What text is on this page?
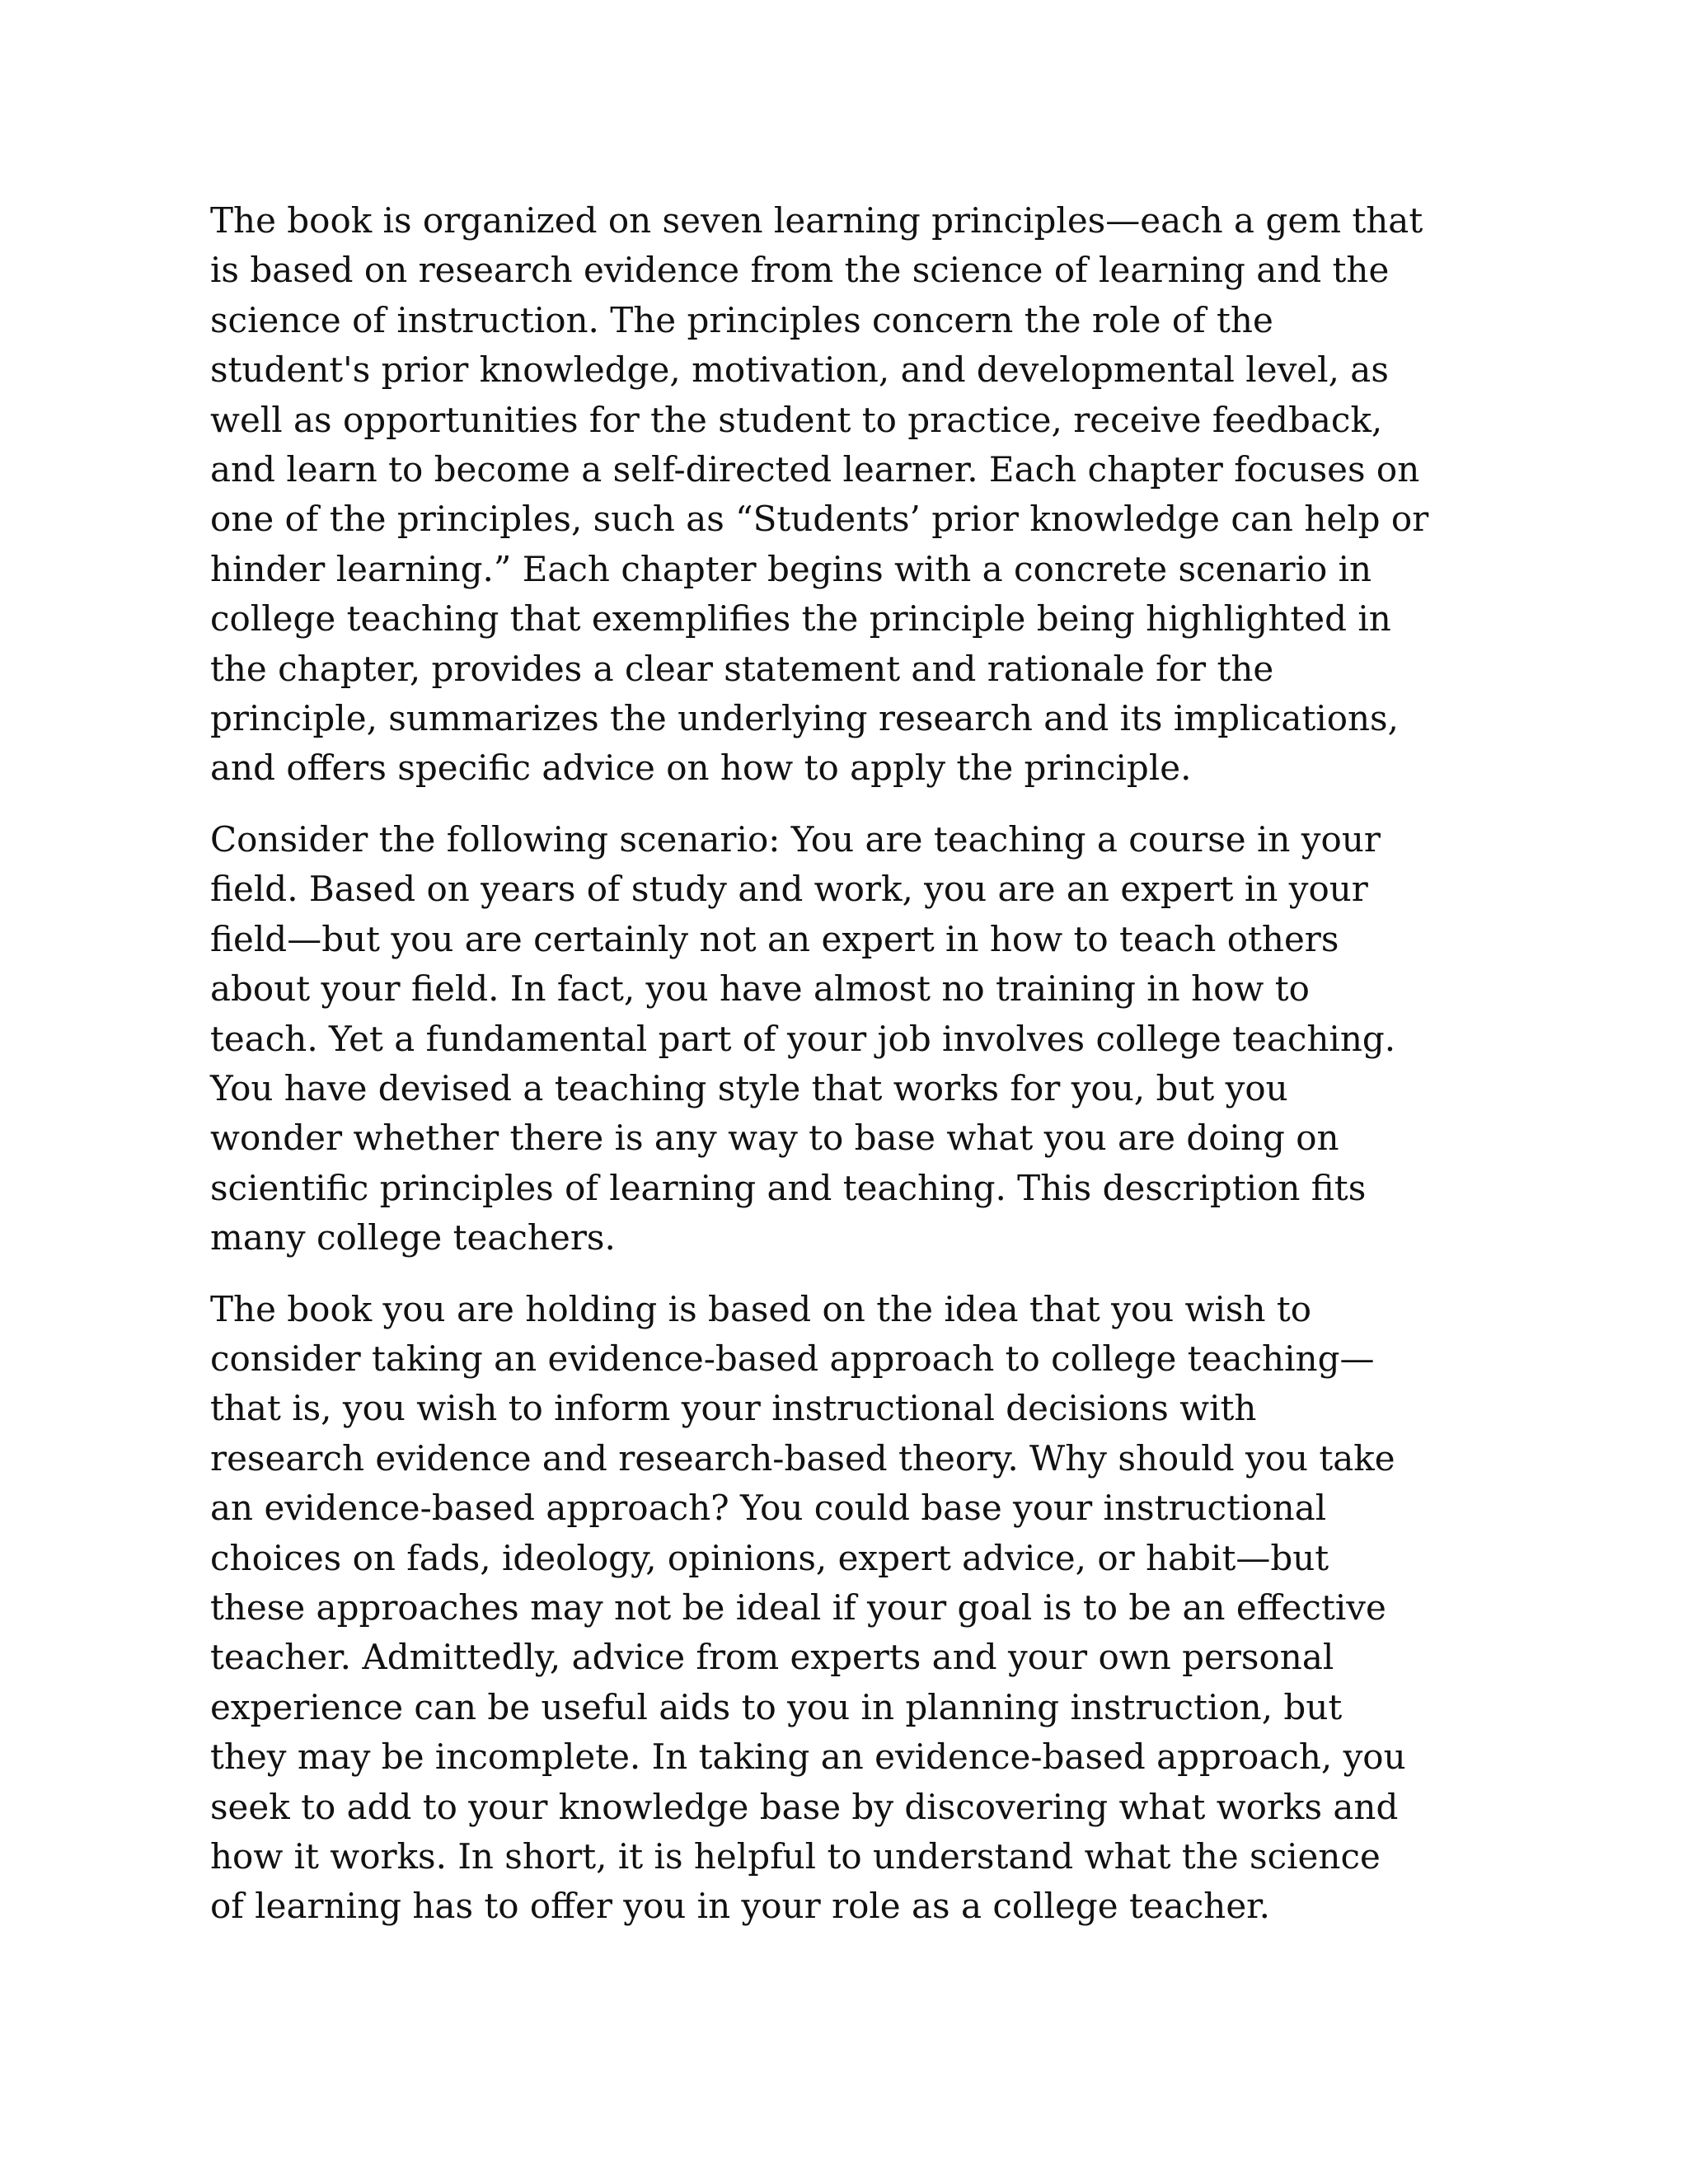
The book is organized on seven learning principles—each a gem that
is based on research evidence from the science of learning and the
science of instruction. The principles concern the role of the
student's prior knowledge, motivation, and developmental level, as
well as opportunities for the student to practice, receive feedback,
and learn to become a self-directed learner. Each chapter focuses on
one of the principles, such as “Students’ prior knowledge can help or
hinder learning.” Each chapter begins with a concrete scenario in
college teaching that exemplifies the principle being highlighted in
the chapter, provides a clear statement and rationale for the
principle, summarizes the underlying research and its implications,
and offers specific advice on how to apply the principle.

Consider the following scenario: You are teaching a course in your
field. Based on years of study and work, you are an expert in your
field—but you are certainly not an expert in how to teach others
about your field. In fact, you have almost no training in how to
teach. Yet a fundamental part of your job involves college teaching.
You have devised a teaching style that works for you, but you
wonder whether there is any way to base what you are doing on
scientific principles of learning and teaching. This description fits
many college teachers.

The book you are holding is based on the idea that you wish to
consider taking an evidence-based approach to college teaching—
that is, you wish to inform your instructional decisions with
research evidence and research-based theory. Why should you take
an evidence-based approach? You could base your instructional
choices on fads, ideology, opinions, expert advice, or habit—but
these approaches may not be ideal if your goal is to be an effective
teacher. Admittedly, advice from experts and your own personal
experience can be useful aids to you in planning instruction, but
they may be incomplete. In taking an evidence-based approach, you
seek to add to your knowledge base by discovering what works and
how it works. In short, it is helpful to understand what the science
of learning has to offer you in your role as a college teacher.
